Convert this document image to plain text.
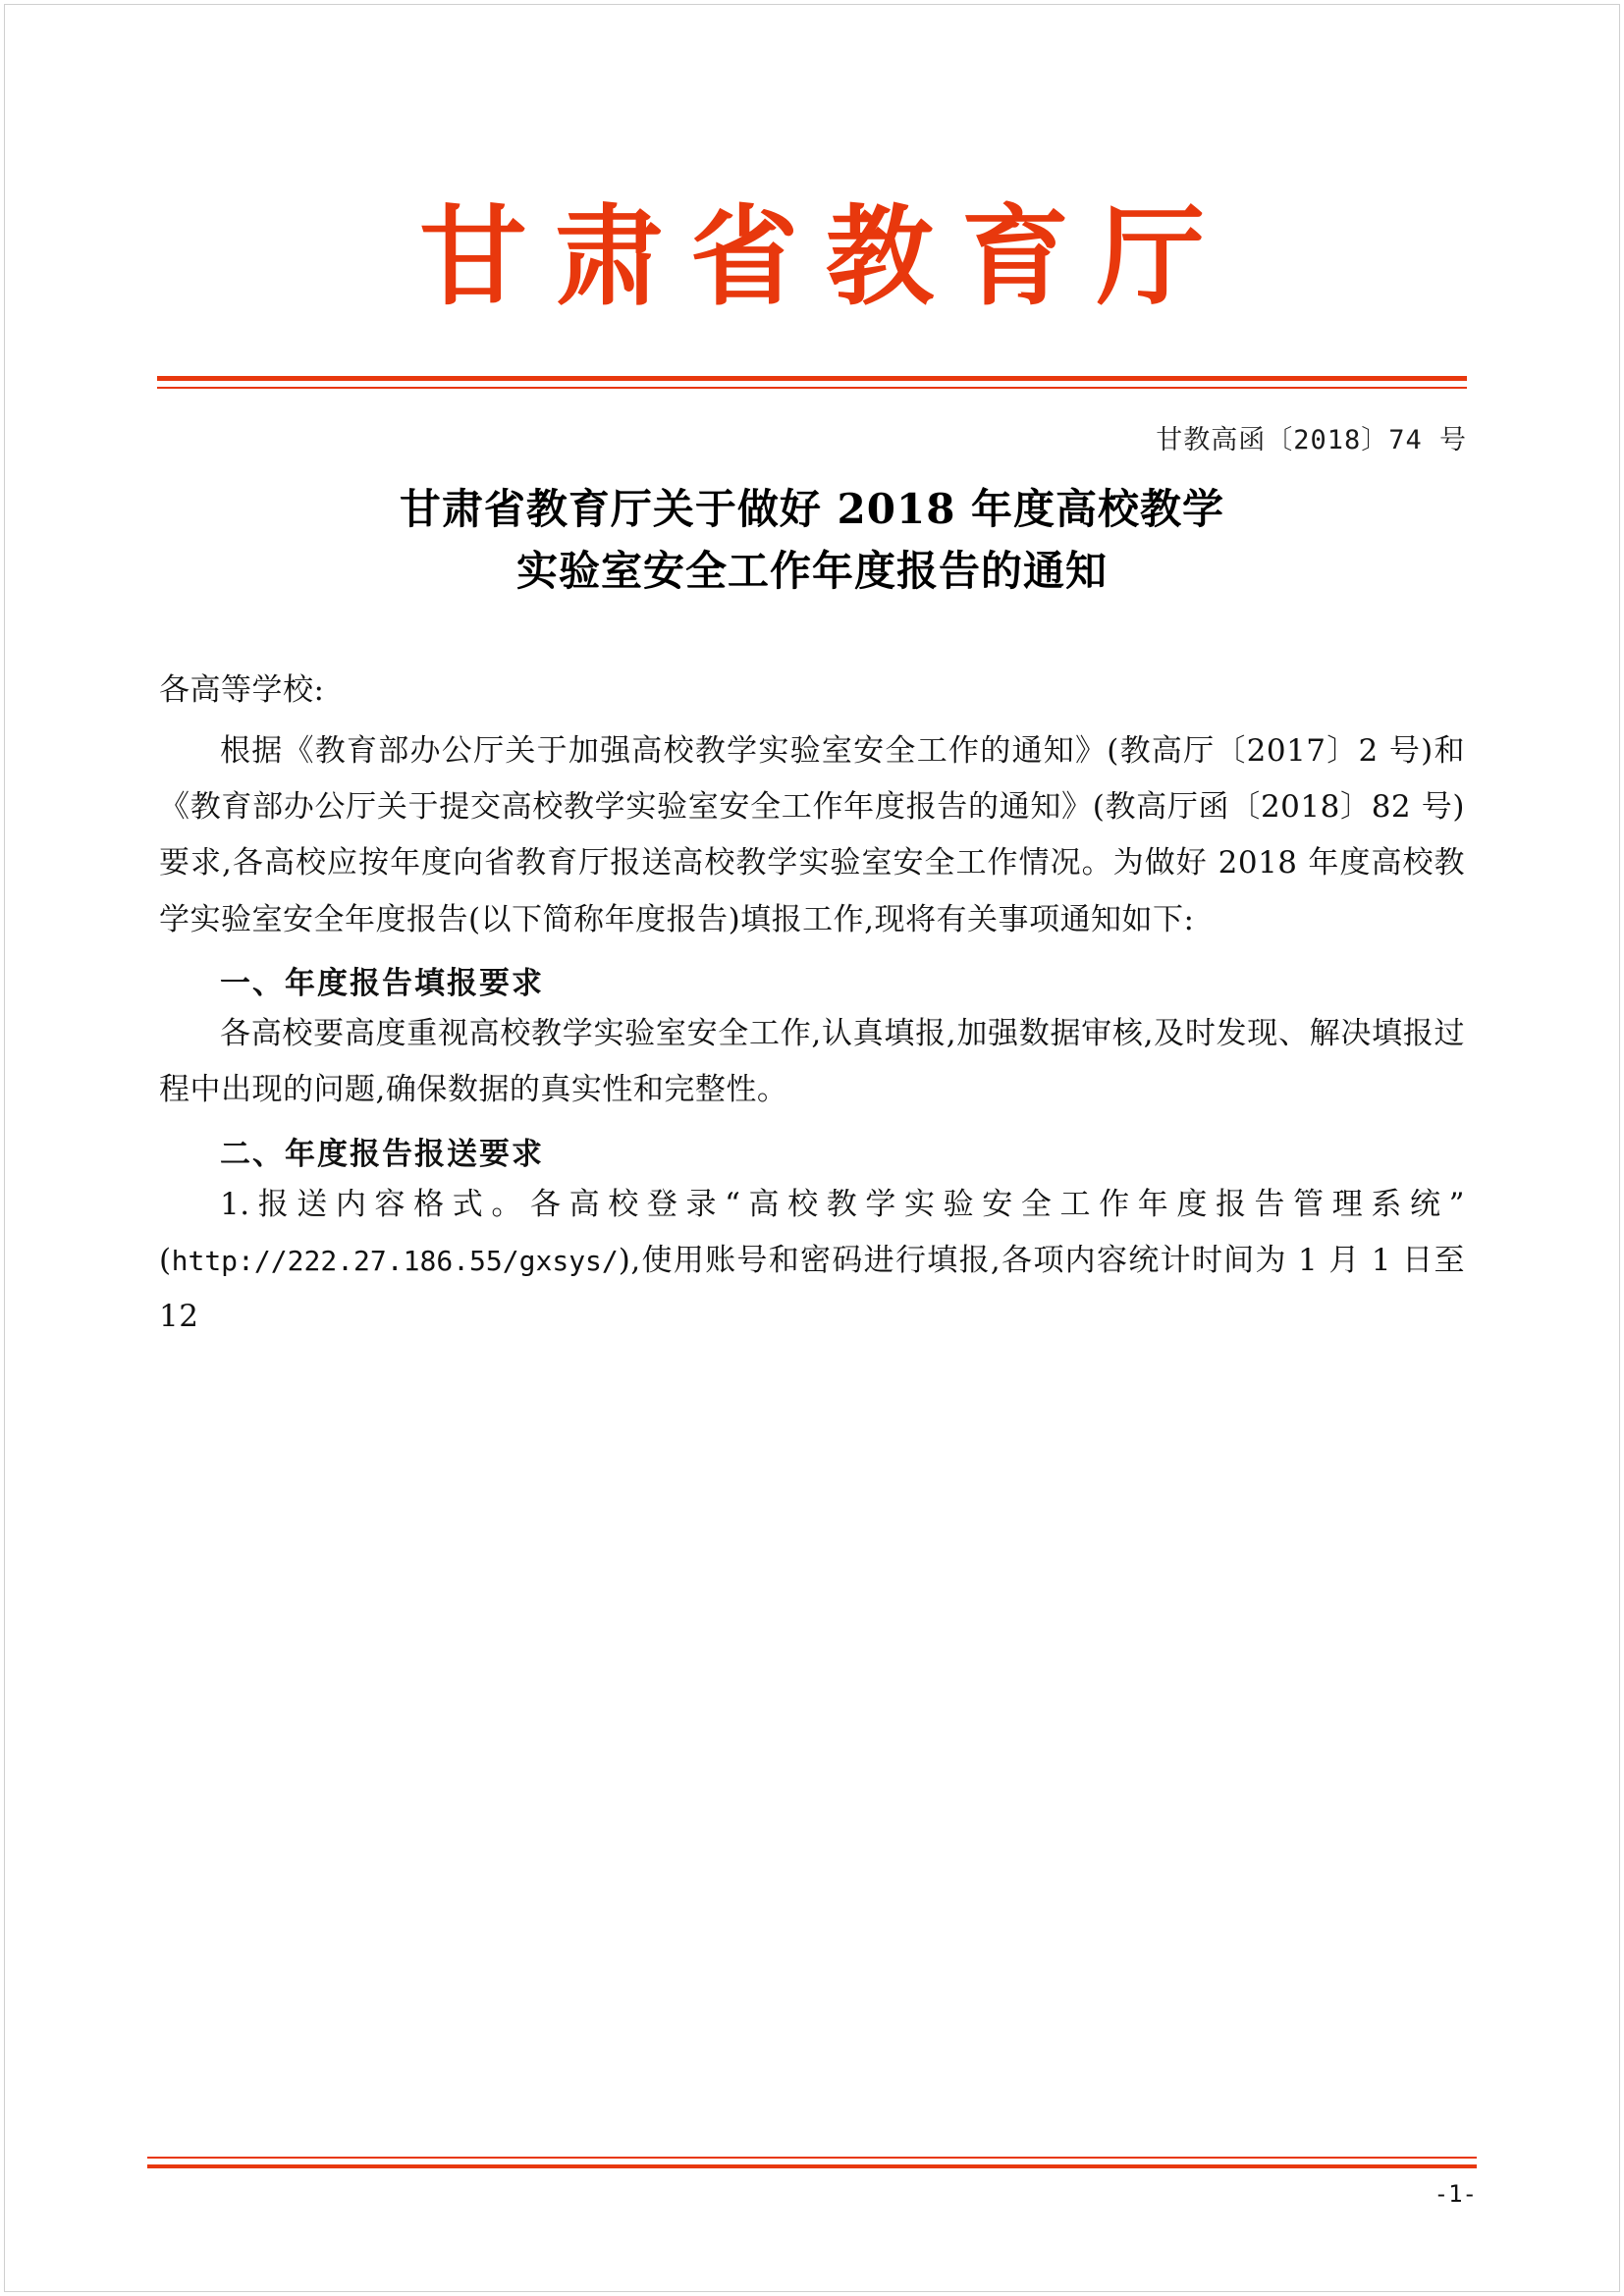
甘肃省教育厅
甘教高函〔2018〕74 号
甘肃省教育厅关于做好 2018 年度高校教学
实验室安全工作年度报告的通知

各高等学校:

根据《教育部办公厅关于加强高校教学实验室安全工作的通知》(教高厅〔2017〕2 号)和《教育部办公厅关于提交高校教学实验室安全工作年度报告的通知》(教高厅函〔2018〕82 号)要求,各高校应按年度向省教育厅报送高校教学实验室安全工作情况。为做好 2018 年度高校教学实验室安全年度报告(以下简称年度报告)填报工作,现将有关事项通知如下:

一、年度报告填报要求

各高校要高度重视高校教学实验室安全工作,认真填报,加强数据审核,及时发现、解决填报过程中出现的问题,确保数据的真实性和完整性。

二、年度报告报送要求

1.报送内容格式。各高校登录“高校教学实验安全工作年度报告管理系统”(http://222.27.186.55/gxsys/),使用账号和密码进行填报,各项内容统计时间为 1 月 1 日至 12

-1-
